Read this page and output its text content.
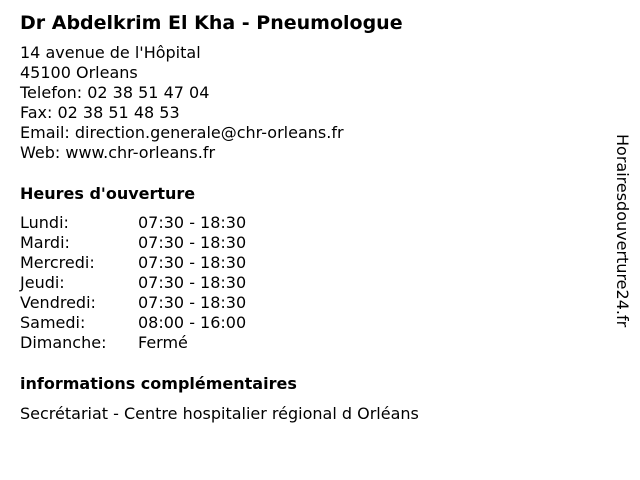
Dr Abdelkrim El Kha - Pneumologue
14 avenue de l'Hôpital
45100 Orleans
Telefon: 02 38 51 47 04
Fax: 02 38 51 48 53
Email: direction.generale@chr-orleans.fr
Web: www.chr-orleans.fr
Heures d'ouverture
Lundi:	07:30 - 18:30
Mardi:	07:30 - 18:30
Mercredi:	07:30 - 18:30
Jeudi:	07:30 - 18:30
Vendredi:	07:30 - 18:30
Samedi:	08:00 - 16:00
Dimanche:	Fermé
informations complémentaires
Secrétariat - Centre hospitalier régional d Orléans
Horairesdouverture24.fr
